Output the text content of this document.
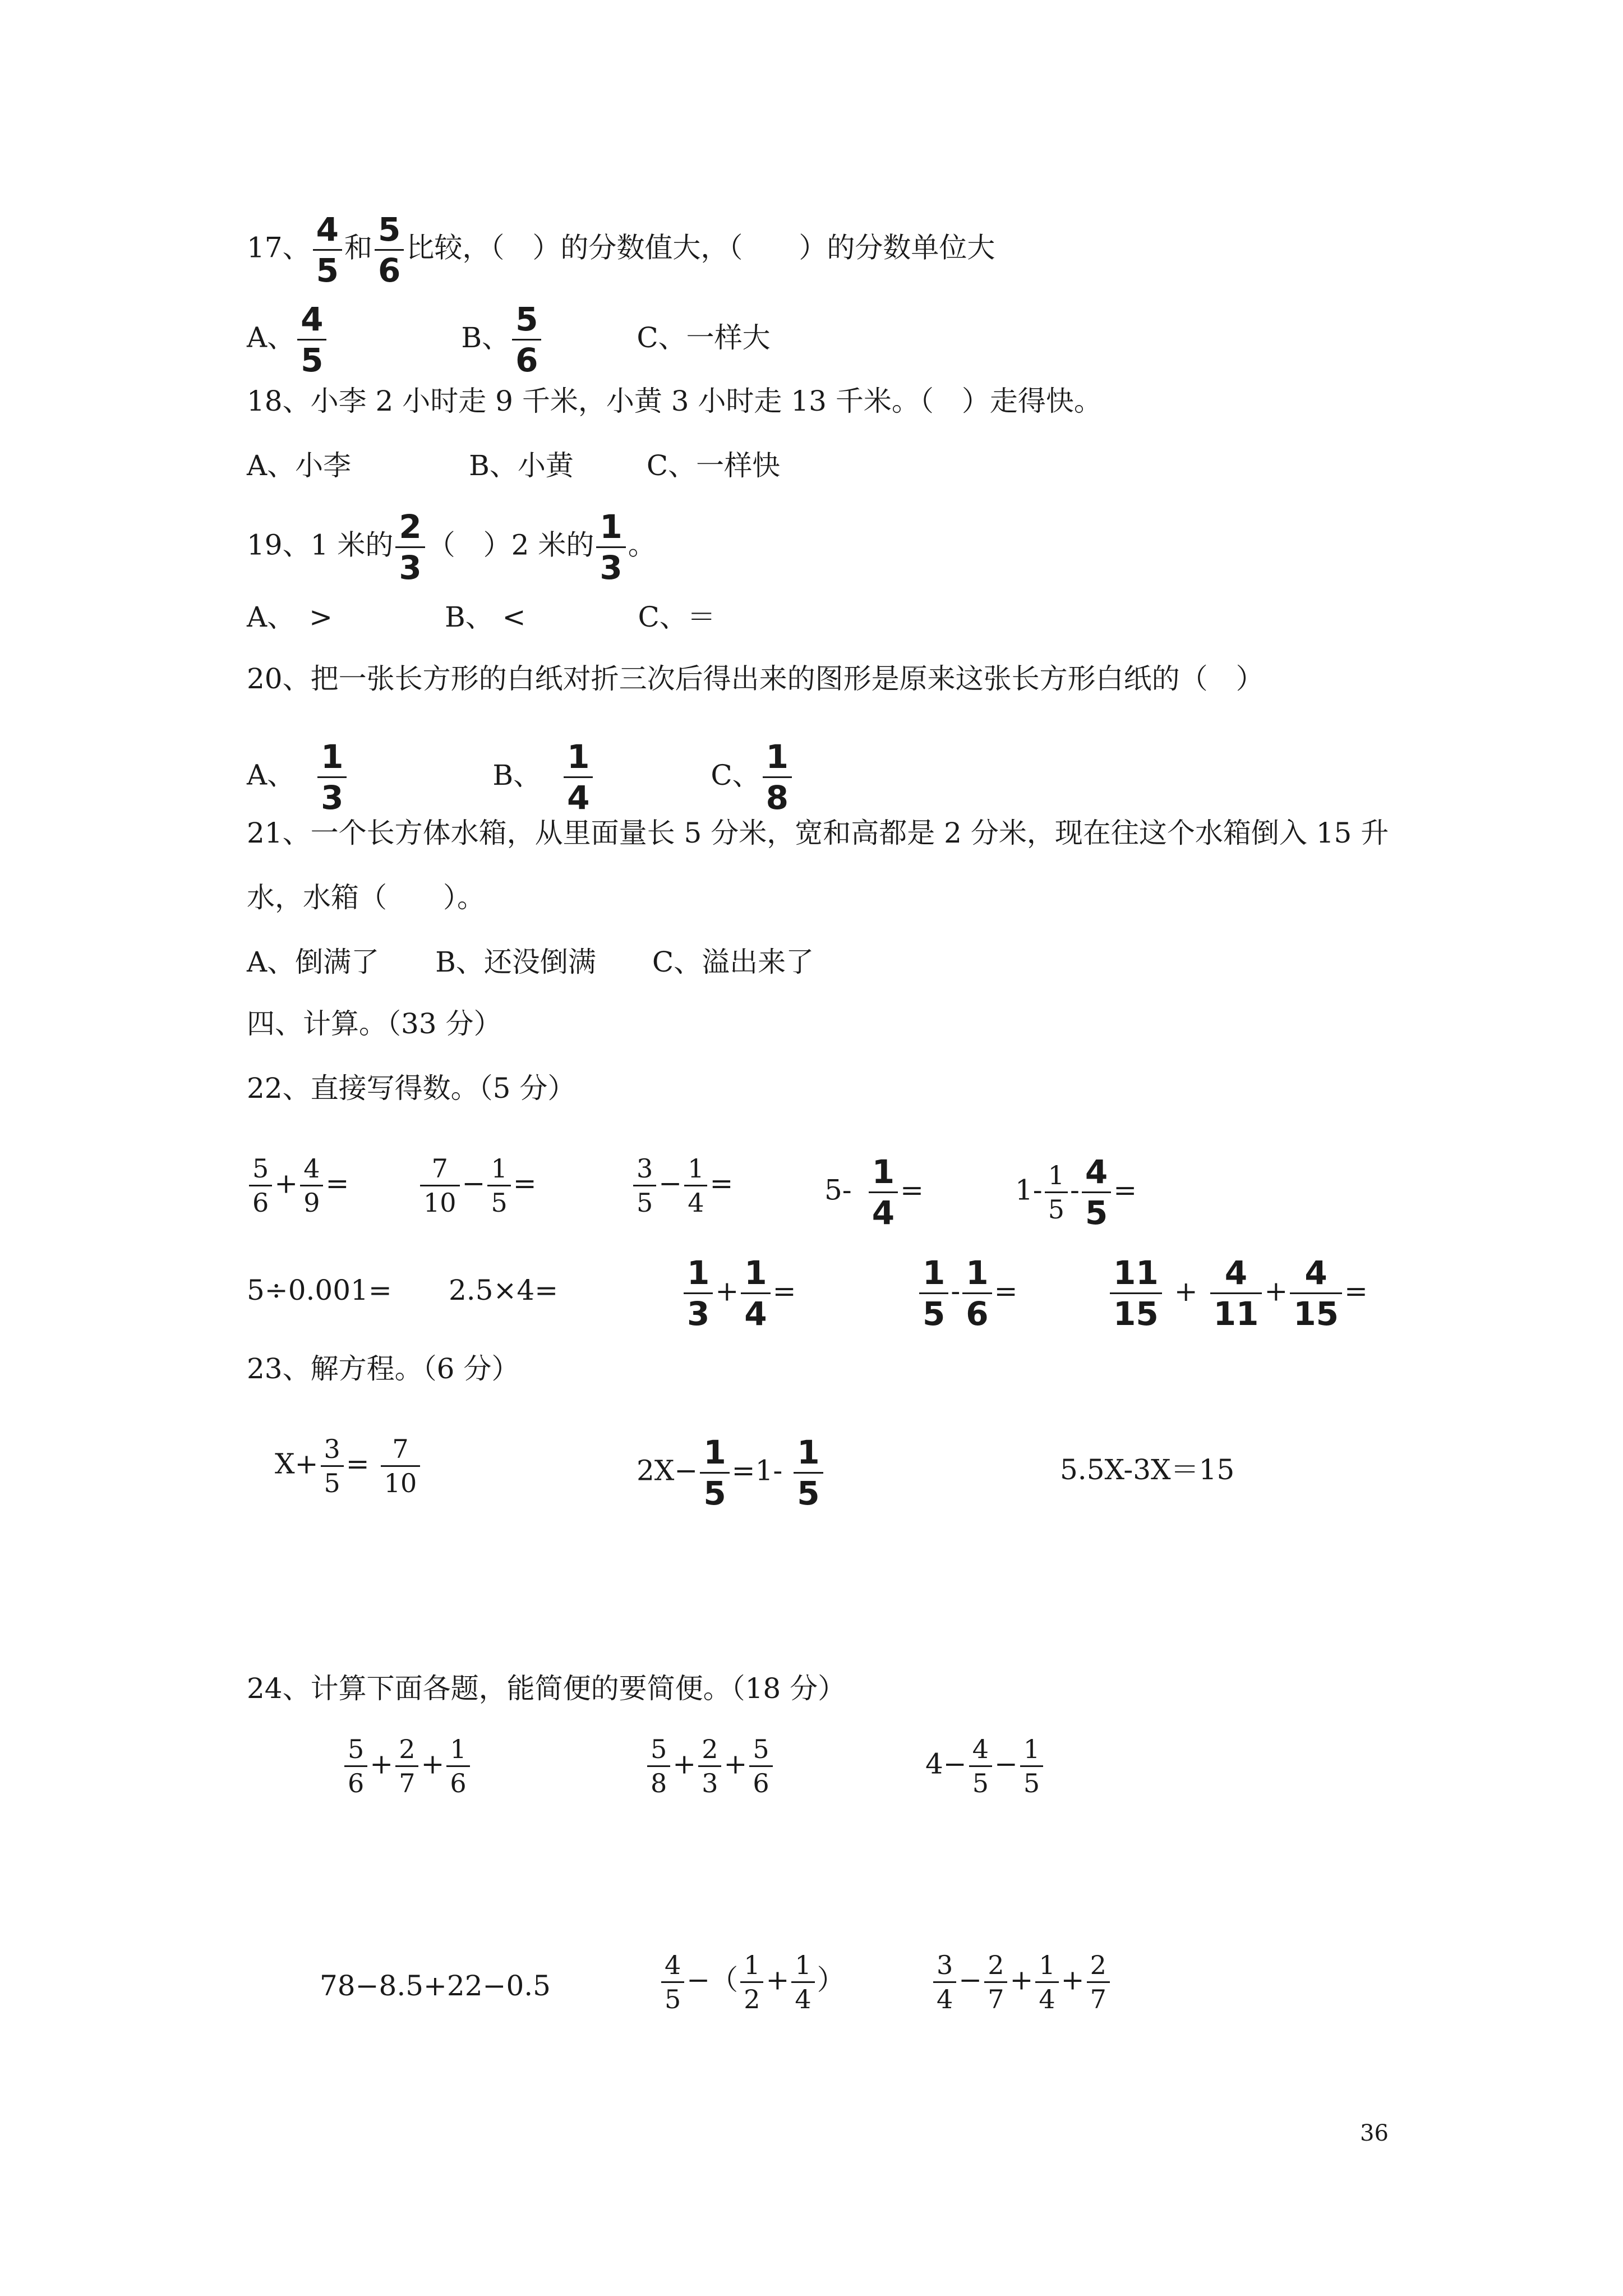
17、 $\frac{4}{5}$ 和 $\frac{5}{6}$ 比较，（　）的分数值大，（　　）的分数单位大
A、 $\frac{4}{5}$	B、 $\frac{5}{6}$	C、一样大
18、小李 2 小时走 9 千米，小黄 3 小时走 13 千米。（　）走得快。
A、小李	B、小黄	C、一样快
19、1 米的 $\frac{2}{3}$ （　）2 米的 $\frac{1}{3}$ 。
A、　>	B、 <	C、＝
20、把一张长方形的白纸对折三次后得出来的图形是原来这张长方形白纸的（　）
A、 $\frac{1}{3}$	B、 $\frac{1}{4}$	C、 $\frac{1}{8}$
21、一个长方体水箱，从里面量长 5 分米，宽和高都是 2 分米，现在往这个水箱倒入 15 升
水，水箱（　　）。
A、倒满了 B、还没倒满 C、溢出来了
四、计算。（33 分）
22、直接写得数。（5 分）
$\frac{5}{6} + \frac{4}{9}$ =	$\frac{7}{10} - \frac{1}{5}$ =	$\frac{3}{5} - \frac{1}{4}$ =	$5- \frac{1}{4}$ =	$1- \frac{1}{5} - \frac{4}{5}$ =
5÷0.001= 2.5×4=	$\frac{1}{3} + \frac{1}{4}$ =	$\frac{1}{5} - \frac{1}{6}$ =	$\frac{11}{15} + \frac{4}{11} + \frac{4}{15}$ =
23、解方程。（6 分）
$X+ \frac{3}{5} = \frac{7}{10}$	$2X- \frac{1}{5} =1- \frac{1}{5}$	5.5X-3X＝15
24、计算下面各题，能简便的要简便。（18 分）
$\frac{5}{6} + \frac{2}{7} + \frac{1}{6}$	$\frac{5}{8} + \frac{2}{3} + \frac{5}{6}$	$4- \frac{4}{5} - \frac{1}{5}$
78−8.5+22−0.5	$\frac{4}{5}$ −（ $\frac{1}{2} + \frac{1}{4}$ ）	$\frac{3}{4} - \frac{2}{7} + \frac{1}{4} + \frac{2}{7}$
36
